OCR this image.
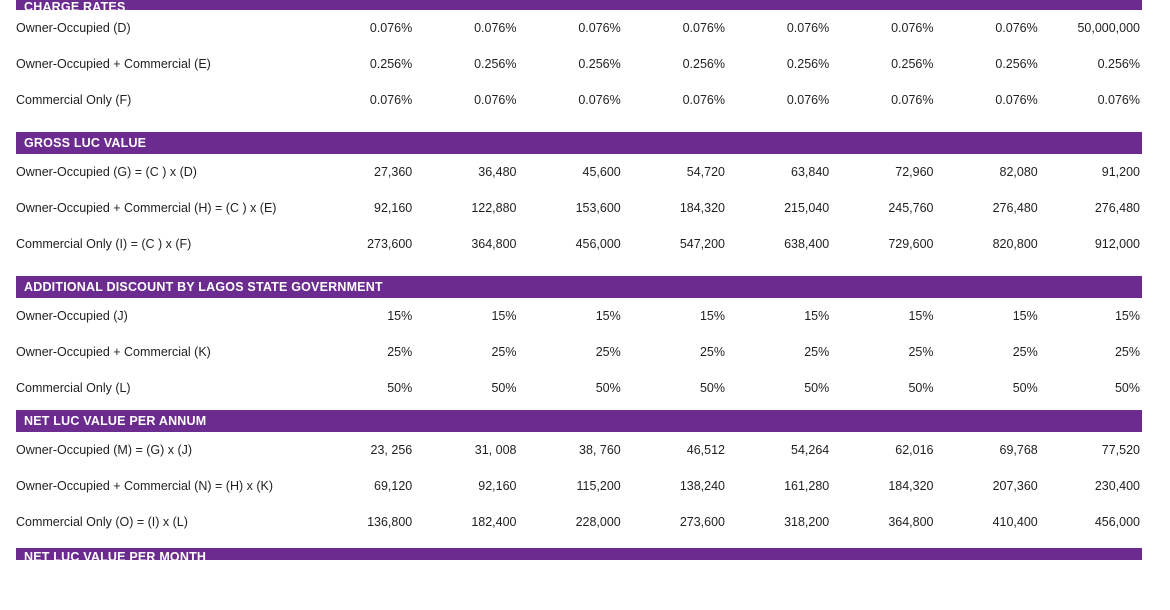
CHARGE RATES
Owner-Occupied (D)	0.076%	0.076%	0.076%	0.076%	0.076%	0.076%	0.076%	50,000,000
Owner-Occupied + Commercial (E)	0.256%	0.256%	0.256%	0.256%	0.256%	0.256%	0.256%	0.256%
Commercial Only (F)	0.076%	0.076%	0.076%	0.076%	0.076%	0.076%	0.076%	0.076%
GROSS LUC VALUE
Owner-Occupied (G) = (C ) x (D)	27,360	36,480	45,600	54,720	63,840	72,960	82,080	91,200
Owner-Occupied + Commercial (H) = (C ) x (E)	92,160	122,880	153,600	184,320	215,040	245,760	276,480	276,480
Commercial Only (I) = (C ) x (F)	273,600	364,800	456,000	547,200	638,400	729,600	820,800	912,000
ADDITIONAL DISCOUNT BY LAGOS STATE GOVERNMENT
Owner-Occupied (J)	15%	15%	15%	15%	15%	15%	15%	15%
Owner-Occupied + Commercial (K)	25%	25%	25%	25%	25%	25%	25%	25%
Commercial Only (L)	50%	50%	50%	50%	50%	50%	50%	50%
NET LUC VALUE PER ANNUM
Owner-Occupied (M) = (G) x (J)	23, 256	31, 008	38, 760	46,512	54,264	62,016	69,768	77,520
Owner-Occupied + Commercial (N) = (H) x (K)	69,120	92,160	115,200	138,240	161,280	184,320	207,360	230,400
Commercial Only (O) = (I) x (L)	136,800	182,400	228,000	273,600	318,200	364,800	410,400	456,000
NET LUC VALUE PER MONTH
